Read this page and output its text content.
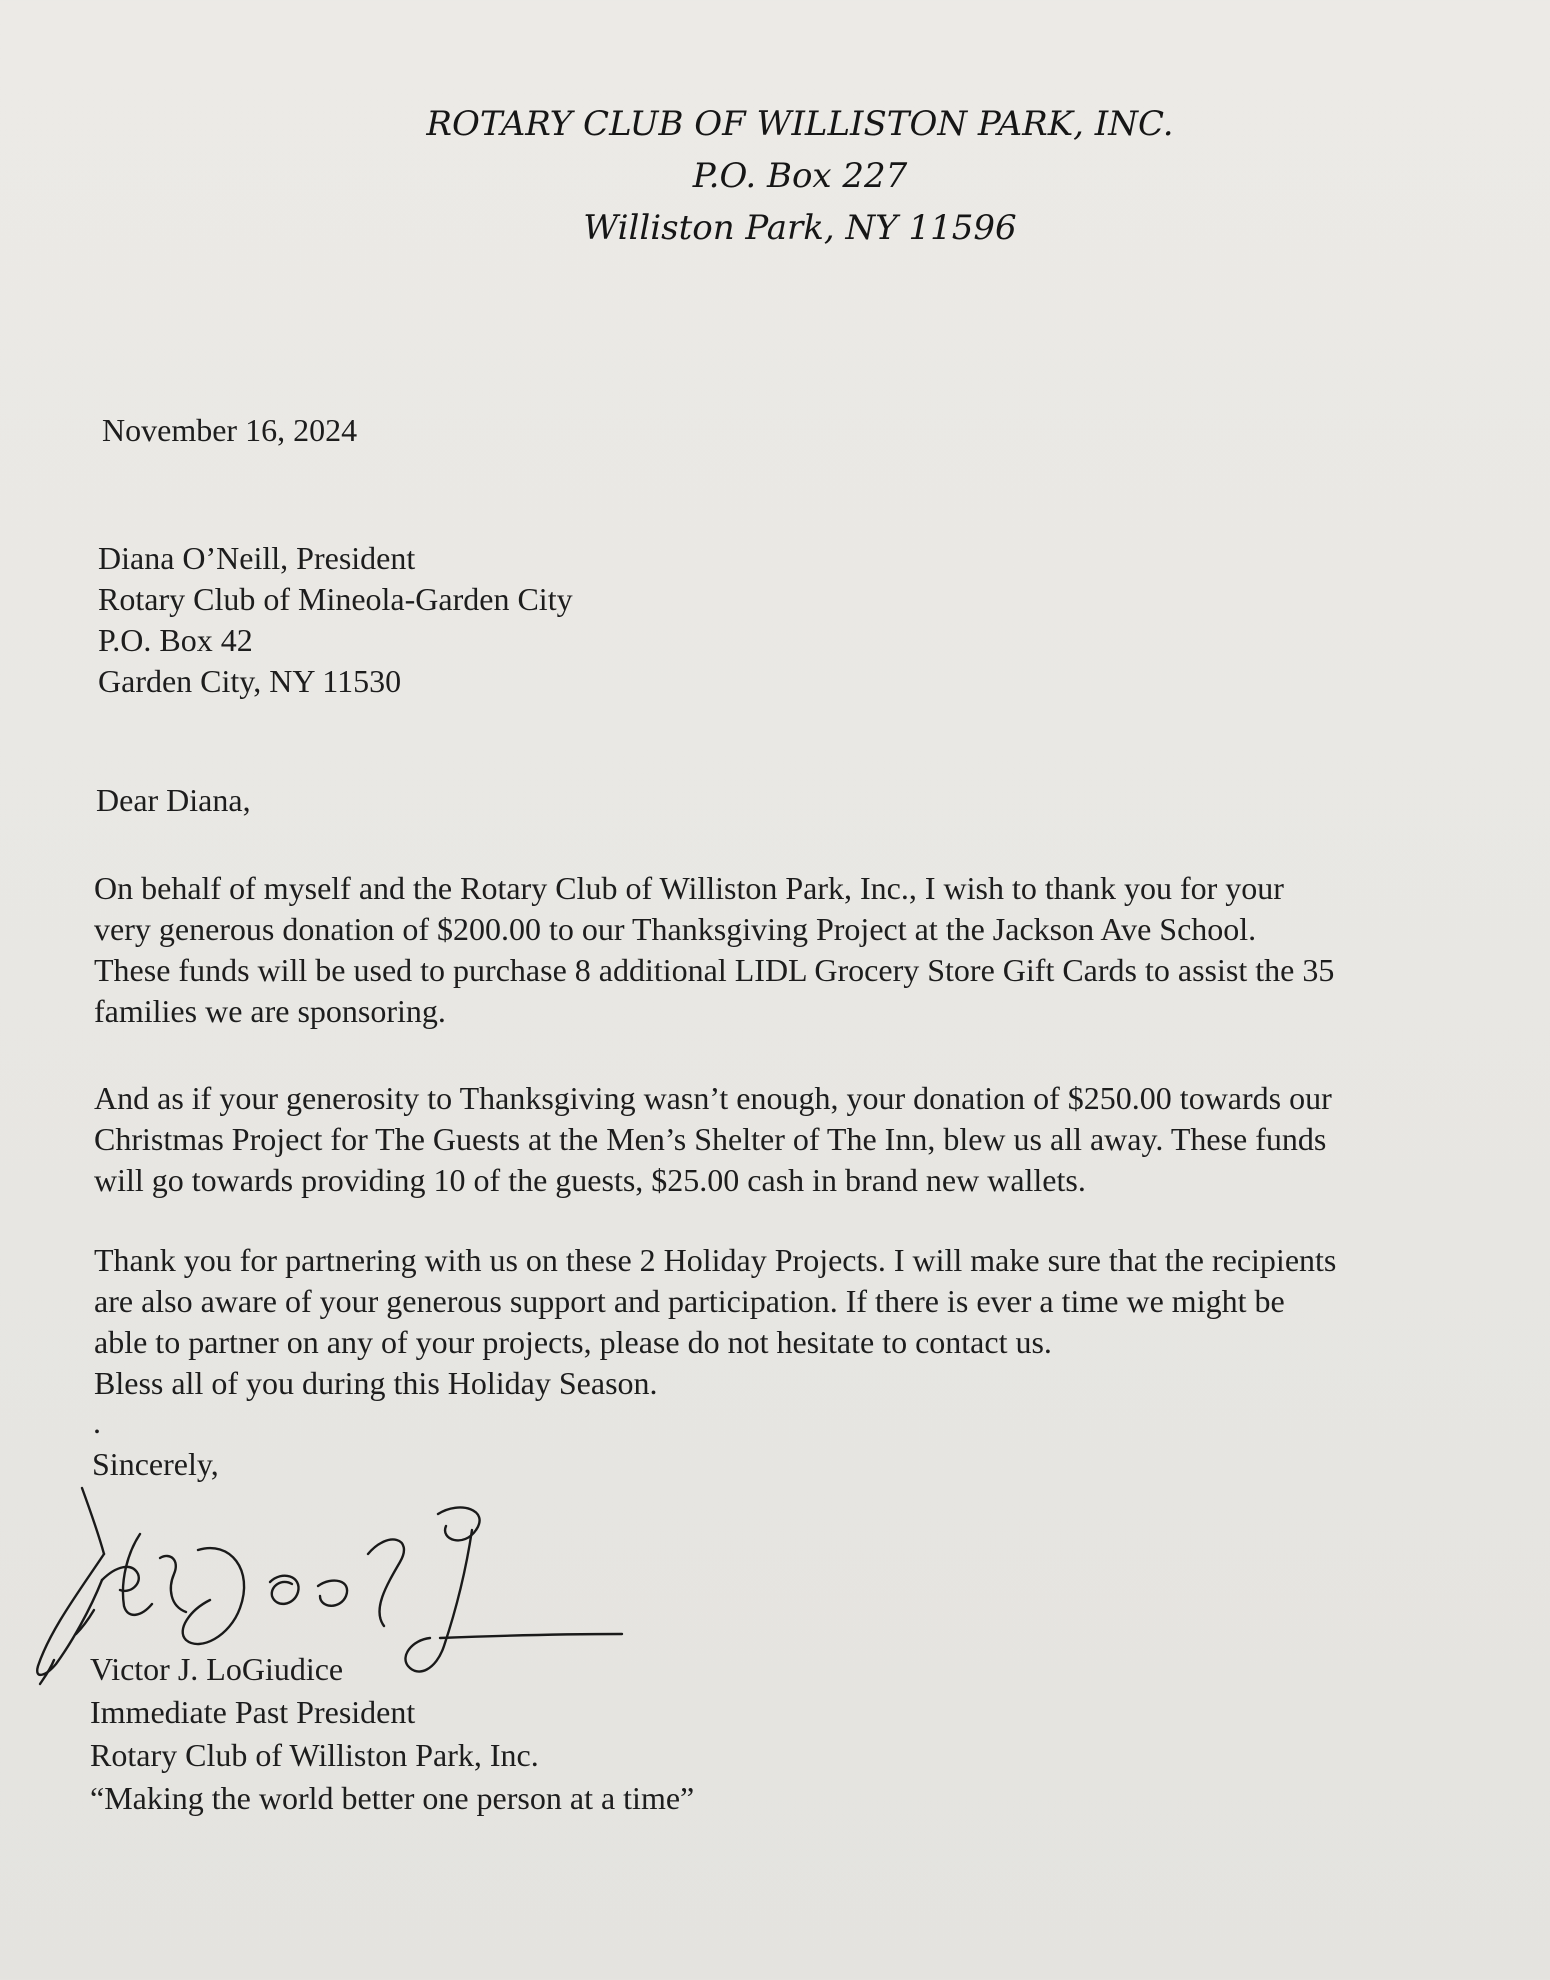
ROTARY CLUB OF WILLISTON PARK, INC.
P.O. Box 227
Williston Park, NY 11596
November 16, 2024
Diana O’Neill, President
Rotary Club of Mineola-Garden City
P.O. Box 42
Garden City, NY 11530
Dear Diana,
On behalf of myself and the Rotary Club of Williston Park, Inc., I wish to thank you for your
very generous donation of $200.00 to our Thanksgiving Project at the Jackson Ave School.
These funds will be used to purchase 8 additional LIDL Grocery Store Gift Cards to assist the 35
families we are sponsoring.
And as if your generosity to Thanksgiving wasn’t enough, your donation of $250.00 towards our
Christmas Project for The Guests at the Men’s Shelter of The Inn, blew us all away. These funds
will go towards providing 10 of the guests, $25.00 cash in brand new wallets.
Thank you for partnering with us on these 2 Holiday Projects. I will make sure that the recipients
are also aware of your generous support and participation. If there is ever a time we might be
able to partner on any of your projects, please do not hesitate to contact us.
Bless all of you during this Holiday Season.
.
Sincerely,
Victor J. LoGiudice
Immediate Past President
Rotary Club of Williston Park, Inc.
“Making the world better one person at a time”
